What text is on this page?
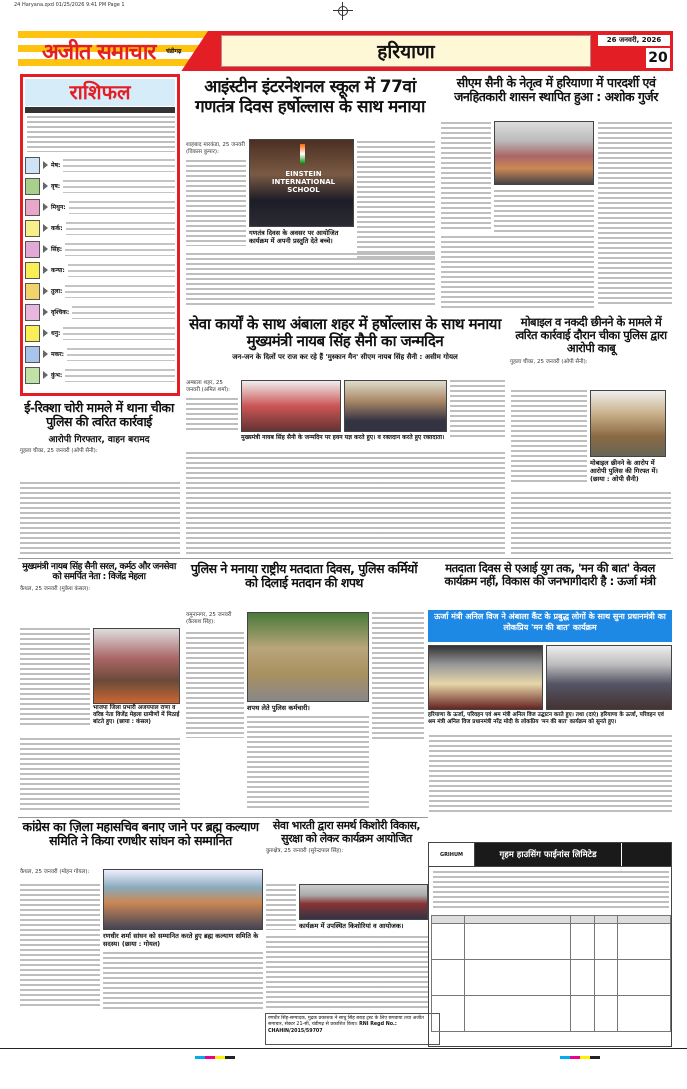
24 Haryana.qxd 01/25/2026 9:41 PM Page 1
अजीत समाचार चंडीगढ़	हरियाणा
26 जनवरी, 2026
20
राशिफल
मेष:
वृष:
मिथुन:
कर्क:
सिंह:
कन्या:
तुला:
वृश्चिक:
धनु:
मकर:
कुंभ:
आइंस्टीन इंटरनेशनल स्कूल में 77वां गणतंत्र दिवस हर्षोल्लास के साथ मनाया
शाहबाद मारकंडा, 25 जनवरी (विकास कुमार):
EINSTEIN INTERNATIONAL SCHOOL
गणतंत्र दिवस के अवसर पर आयोजित कार्यक्रम में अपनी प्रस्तुति देते बच्चे।
सीएम सैनी के नेतृत्व में हरियाणा में पारदर्शी एवं जनहितकारी शासन स्थापित हुआ : अशोक गुर्जर
सेवा कार्यों के साथ अंबाला शहर में हर्षोल्लास के साथ मनाया मुख्यमंत्री नायब सिंह सैनी का जन्मदिन
जन-जन के दिलों पर राज कर रहे हैं 'मुस्कान मैन' सीएम नायब सिंह सैनी : असीम गोयल
अम्बाला शहर, 25 जनवरी (अमित शर्मा):
मुख्यमंत्री नायब सिंह सैनी के जन्मदिन पर हवन यज्ञ करते हुए। व रक्तदान करते हुए रक्तदाता।
मोबाइल व नकदी छीनने के मामले में त्वरित कार्रवाई दौरान चीका पुलिस द्वारा आरोपी काबू
गुहला चीका, 25 जनवरी (ओपी सैनी):
मोबाइल छीनने के आरोप में आरोपी पुलिस की गिरफ्त में। (छाया : ओपी सैनी)
ई-रिक्शा चोरी मामले में थाना चीका पुलिस की त्वरित कार्रवाई
आरोपी गिरफ्तार, वाहन बरामद
गुहला चीका, 25 जनवरी (ओपी सैनी):
मुख्यमंत्री नायब सिंह सैनी सरल, कर्मठ और जनसेवा को समर्पित नेता : विजेंद्र मेहला
कैथल, 25 जनवरी (मुकेश कंसल):
भाजपा जिला प्रभारी अजयपाल राणा व वरिष्ठ नेता विजेंद्र मेहला ग्रामीणों में मिठाई बांटते हुए। (छाया : कंसल)
पुलिस ने मनाया राष्ट्रीय मतदाता दिवस, पुलिस कर्मियों को दिलाई मतदान की शपथ
यमुनानगर, 25 जनवरी (कैलाश सिंह):
शपथ लेते पुलिस कर्मचारी।
मतदाता दिवस से एआई युग तक, 'मन की बात' केवल कार्यक्रम नहीं, विकास की जनभागीदारी है : ऊर्जा मंत्री
ऊर्जा मंत्री अनिल विज ने अंबाला कैंट के प्रबुद्ध लोगों के साथ सुना प्रधानमंत्री का लोकप्रिय 'मन की बात' कार्यक्रम
हरियाणा के ऊर्जा, परिवहन एवं श्रम मंत्री अनिल विज उद्घाटन करते हुए। तथा (दाएं) हरियाणा के ऊर्जा, परिवहन एवं श्रम मंत्री अनिल विज प्रधानमंत्री नरेंद्र मोदी के लोकप्रिय 'मन की बात' कार्यक्रम को सुनते हुए।
कांग्रेस का ज़िला महासचिव बनाए जाने पर ब्रह्म कल्याण समिति ने किया रणधीर सांघन को सम्मानित
कैथल, 25 जनवरी (मोहन गोयल):
रणधीर शर्मा सांघन को सम्मानित करते हुए ब्रह्म कल्याण समिति के सदस्य। (छाया : गोयल)
सेवा भारती द्वारा समर्थ किशोरी विकास, सुरक्षा को लेकर कार्यक्रम आयोजित
कुरुक्षेत्र, 25 जनवरी (सुरेन्द्रपाल सिंह):
कार्यक्रम में उपस्थित किशोरियां व आयोजक।
रणधीर सिंह-सम्पादक, मुद्रक प्रकाशक ने साधु सिंह बराड़ ट्रस्ट के लिए छपवाया तथा अजीत समाचार, सेक्टर 21-सी, चंडीगढ़ से प्रकाशित किया। RNI Regd No.: CHAHIN/2015/59707
GRIHUM	गृहम हाउसिंग फाईनांस लिमिटेड
